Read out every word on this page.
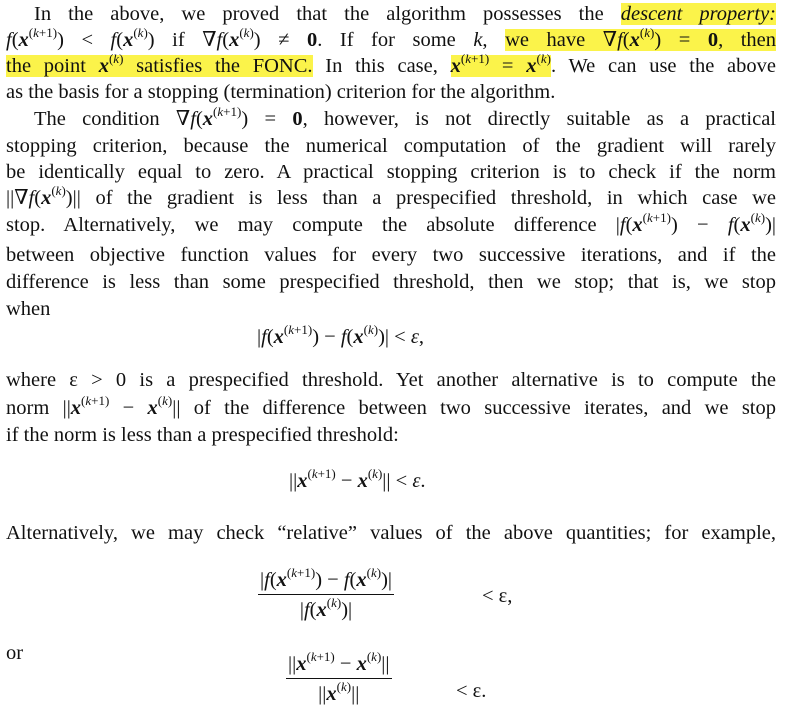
In the above, we proved that the algorithm possesses the descent property:
$f(x^{(k+1)}) < f(x^{(k)})$ if $\nabla f(x^{(k)}) \ne 0$. If for some k, we have $\nabla f(x^{(k)}) = 0$, then
the point $x^{(k)}$ satisfies the FONC. In this case, $x^{(k+1)} = x^{(k)}$. We can use the above
as the basis for a stopping (termination) criterion for the algorithm.
The condition $\nabla f(x^{(k+1)}) = 0$, however, is not directly suitable as a practical
stopping criterion, because the numerical computation of the gradient will rarely
be identically equal to zero. A practical stopping criterion is to check if the norm
$||\nabla f(x^{(k)})||$ of the gradient is less than a prespecified threshold, in which case we
stop. Alternatively, we may compute the absolute difference $|f(x^{(k+1)}) - f(x^{(k)})|$
between objective function values for every two successive iterations, and if the
difference is less than some prespecified threshold, then we stop; that is, we stop
when
$|f(x^{(k+1)}) - f(x^{(k)})| < \varepsilon$,
where ε > 0 is a prespecified threshold. Yet another alternative is to compute the
norm $||x^{(k+1)} - x^{(k)}||$ of the difference between two successive iterates, and we stop
if the norm is less than a prespecified threshold:
$||x^{(k+1)} - x^{(k)}|| < \varepsilon$.
Alternatively, we may check “relative” values of the above quantities; for example,
$\frac{|f(x^{(k+1)}) - f(x^{(k)})|}{|f(x^{(k)})|}$	< ε,
or	$\frac{||x^{(k+1)} - x^{(k)}||}{||x^{(k)}||}$	< ε.
